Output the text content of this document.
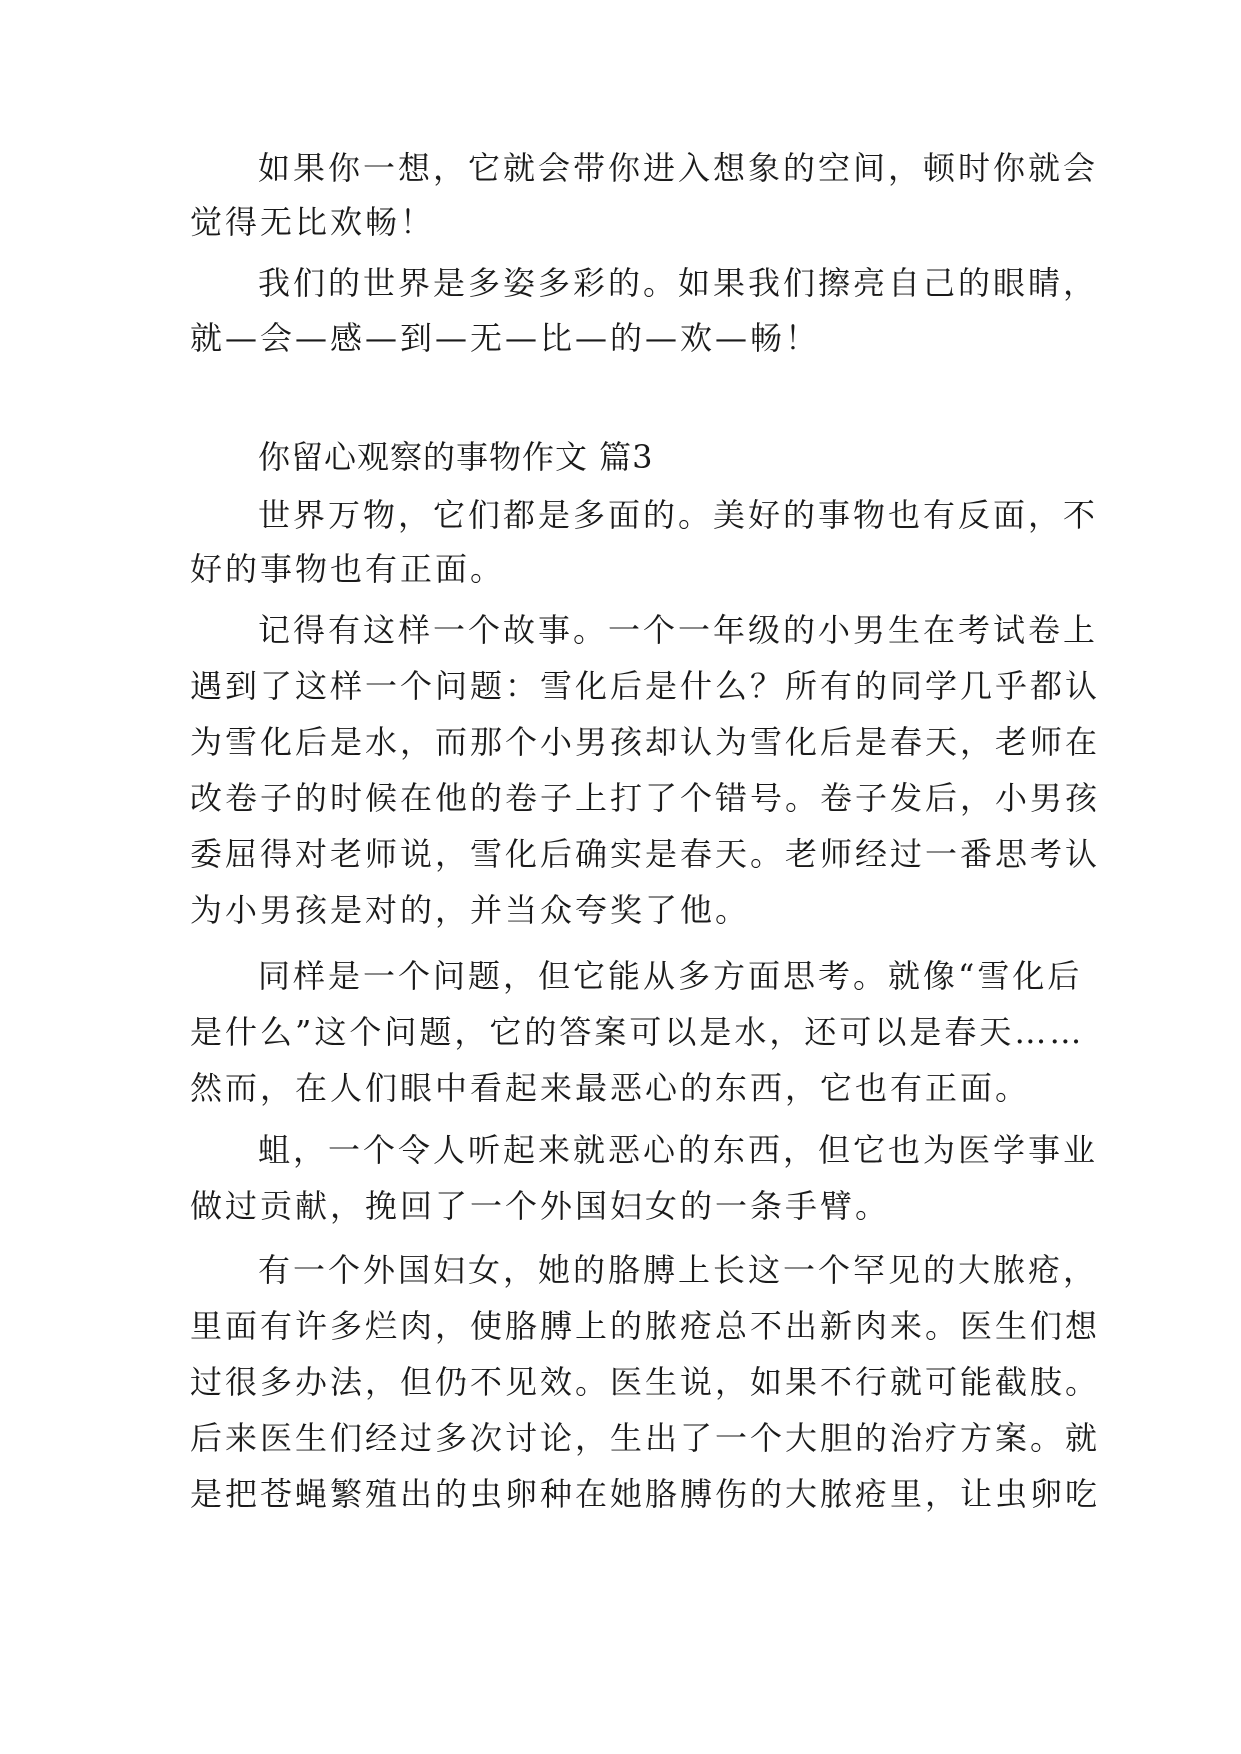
如果你一想，它就会带你进入想象的空间，顿时你就会
觉得无比欢畅！
我们的世界是多姿多彩的。如果我们擦亮自己的眼睛，
就—会—感—到—无—比—的—欢—畅！
你留心观察的事物作文 篇3
世界万物，它们都是多面的。美好的事物也有反面，不
好的事物也有正面。
记得有这样一个故事。一个一年级的小男生在考试卷上
遇到了这样一个问题：雪化后是什么？所有的同学几乎都认
为雪化后是水，而那个小男孩却认为雪化后是春天，老师在
改卷子的时候在他的卷子上打了个错号。卷子发后，小男孩
委屈得对老师说，雪化后确实是春天。老师经过一番思考认
为小男孩是对的，并当众夸奖了他。
同样是一个问题，但它能从多方面思考。就像“雪化后
是什么”这个问题，它的答案可以是水，还可以是春天……
然而，在人们眼中看起来最恶心的东西，它也有正面。
蛆，一个令人听起来就恶心的东西，但它也为医学事业
做过贡献，挽回了一个外国妇女的一条手臂。
有一个外国妇女，她的胳膊上长这一个罕见的大脓疮，
里面有许多烂肉，使胳膊上的脓疮总不出新肉来。医生们想
过很多办法，但仍不见效。医生说，如果不行就可能截肢。
后来医生们经过多次讨论，生出了一个大胆的治疗方案。就
是把苍蝇繁殖出的虫卵种在她胳膊伤的大脓疮里，让虫卵吃
